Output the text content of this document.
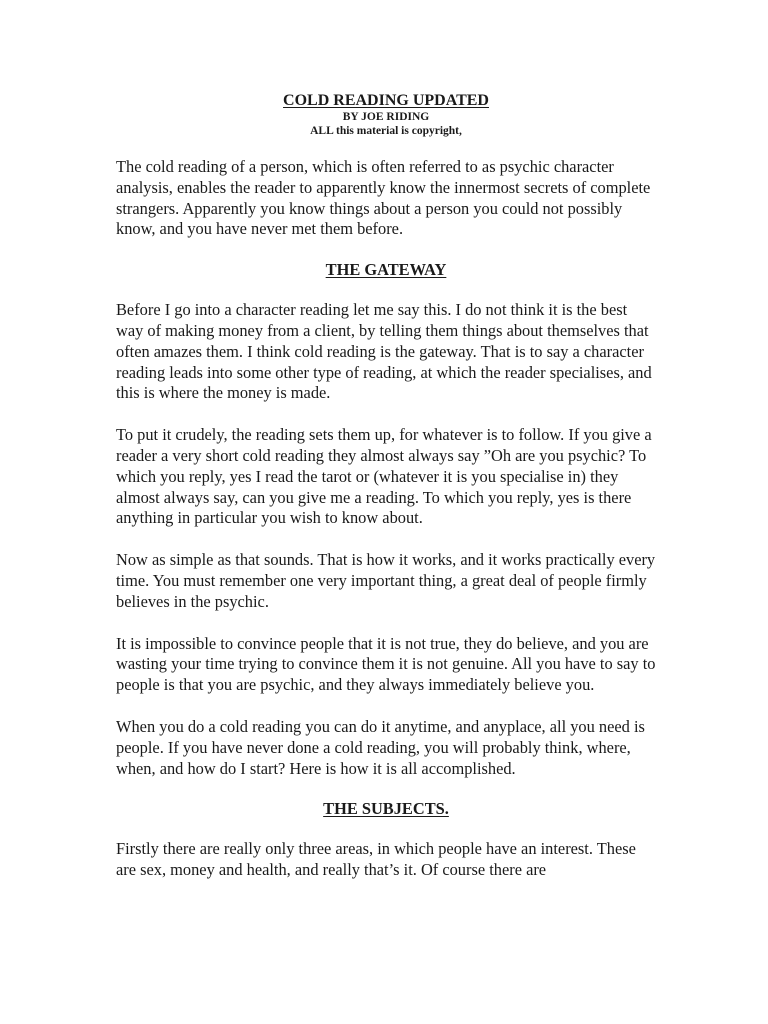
COLD READING UPDATED

BY JOE RIDING

ALL this material is copyright,

The cold reading of a person, which is often referred to as psychic character analysis, enables the reader to apparently know the innermost secrets of complete strangers. Apparently you know things about a person you could not possibly know, and you have never met them before.

THE GATEWAY

Before I go into a character reading let me say this. I do not think it is the best way of making money from a client, by telling them things about themselves that often amazes them. I think cold reading is the gateway. That is to say a character reading leads into some other type of reading, at which the reader specialises, and this is where the money is made.

To put it crudely, the reading sets them up, for whatever is to follow. If you give a reader a very short cold reading they almost always say ”Oh are you psychic? To which you reply, yes I read the tarot or (whatever it is you specialise in) they almost always say, can you give me a reading. To which you reply, yes is there anything in particular you wish to know about.

Now as simple as that sounds. That is how it works, and it works practically every time. You must remember one very important thing, a great deal of people firmly believes in the psychic.

It is impossible to convince people that it is not true, they do believe, and you are wasting your time trying to convince them it is not genuine. All you have to say to people is that you are psychic, and they always immediately believe you.

When you do a cold reading you can do it anytime, and anyplace, all you need is people. If you have never done a cold reading, you will probably think, where, when, and how do I start? Here is how it is all accomplished.

THE SUBJECTS.

Firstly there are really only three areas, in which people have an interest. These are sex, money and health, and really that’s it. Of course there are
